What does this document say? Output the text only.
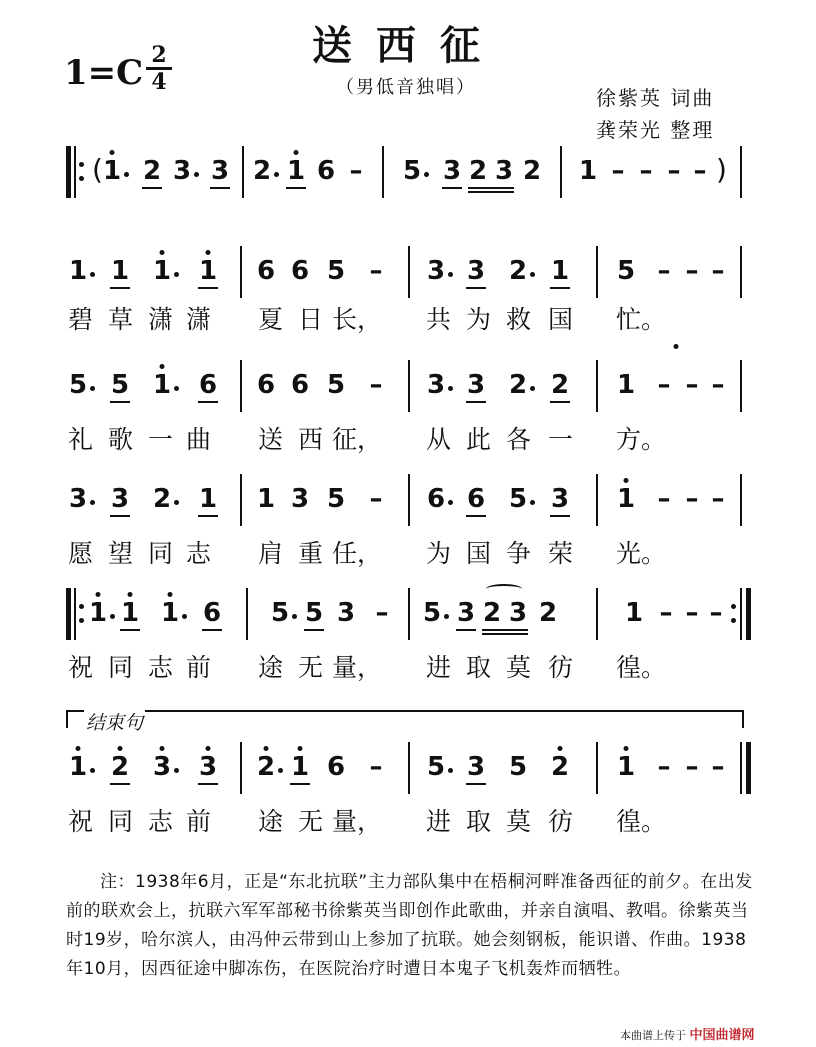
送西征
（男低音独唱）
1=C 2
4
徐紫英 词曲
龚荣光 整理
( 1 2 3 3 2 1 6 – 5 3 2 3 2 1 – – – – )
1 1 1 1 6 6 5 – 3 3 2 1 5 – – –
碧 草 潇 潇 夏 日 长， 共 为 救 国 忙。
5 5 1 6 6 6 5 – 3 3 2 2 1 – – –
礼 歌 一 曲 送 西 征， 从 此 各 一 方。
3 3 2 1 1 3 5 – 6 6 5 3 1 – – –
愿 望 同 志 肩 重 任， 为 国 争 荣 光。
1 1 1 6 5 5 3 – 5 3 2 3 2	1 – – –
祝 同 志 前 途 无 量， 进 取 莫 彷 徨。
1 2 3 3 2 1 6 – 5 3 5 2 1 – – –
祝 同 志 前 途 无 量， 进 取 莫 彷 徨。
结束句

注：1938年6月，正是“东北抗联”主力部队集中在梧桐河畔准备西征的前夕。在出发前的联欢会上，抗联六军军部秘书徐紫英当即创作此歌曲，并亲自演唱、教唱。徐紫英当时19岁，哈尔滨人，由冯仲云带到山上参加了抗联。她会刻钢板，能识谱、作曲。1938年10月，因西征途中脚冻伤，在医院治疗时遭日本鬼子飞机轰炸而牺牲。

本曲谱上传于 中国曲谱网
